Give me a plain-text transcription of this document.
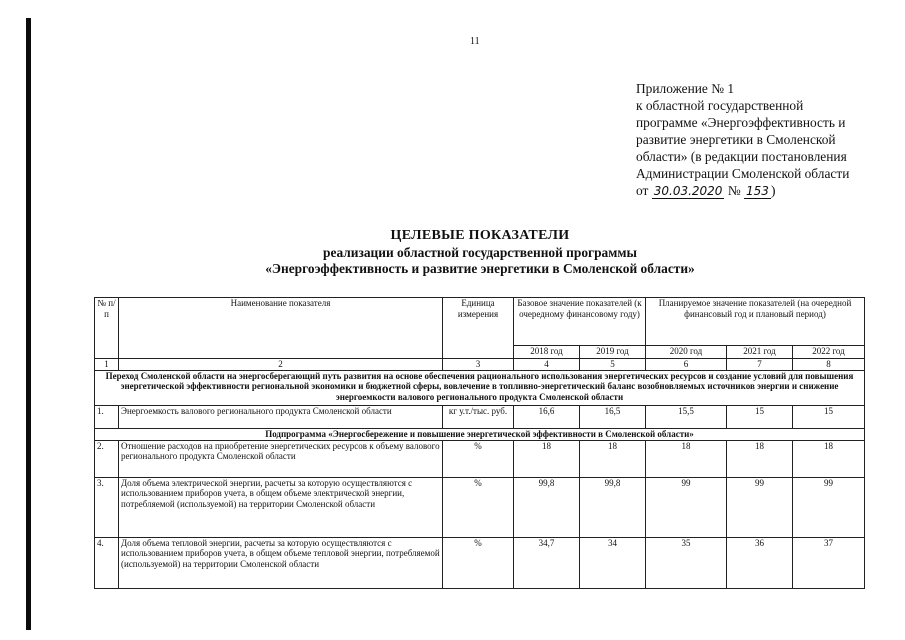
11
Приложение № 1
к областной государственной
программе «Энергоэффективность и
развитие энергетики в Смоленской
области» (в редакции постановления
Администрации Смоленской области
от 30.03.2020 № 153 )
ЦЕЛЕВЫЕ ПОКАЗАТЕЛИ
реализации областной государственной программы
«Энергоэффективность и развитие энергетики в Смоленской области»
№ п/п	Наименование показателя	Единица измерения	Базовое значение показателей (к очередному финансовому году)		Планируемое значение показателей (на очередной финансовый год и плановый период)		
			2018 год	2019 год	2020 год	2021 год	2022 год
1	2	3	4	5	6	7	8
Переход Смоленской области на энергосберегающий путь развития на основе обеспечения рационального использования энергетических ресурсов и создание условий для повышения энергетической эффективности региональной экономики и бюджетной сферы, вовлечение в топливно-энергетический баланс возобновляемых источников энергии и снижение энергоемкости валового регионального продукта Смоленской области							
1.	Энергоемкость валового регионального продукта Смоленской области	кг у.т./тыс. руб.	16,6	16,5	15,5	15	15
Подпрограмма «Энергосбережение и повышение энергетической эффективности в Смоленской области»							
2.	Отношение расходов на приобретение энергетических ресурсов к объему валового регионального продукта Смоленской области	%	18	18	18	18	18
3.	Доля объема электрической энергии, расчеты за которую осуществляются с использованием приборов учета, в общем объеме электрической энергии, потребляемой (используемой) на территории Смоленской области	%	99,8	99,8	99	99	99
4.	Доля объема тепловой энергии, расчеты за которую осуществляются с использованием приборов учета, в общем объеме тепловой энергии, потребляемой (используемой) на территории Смоленской области	%	34,7	34	35	36	37
